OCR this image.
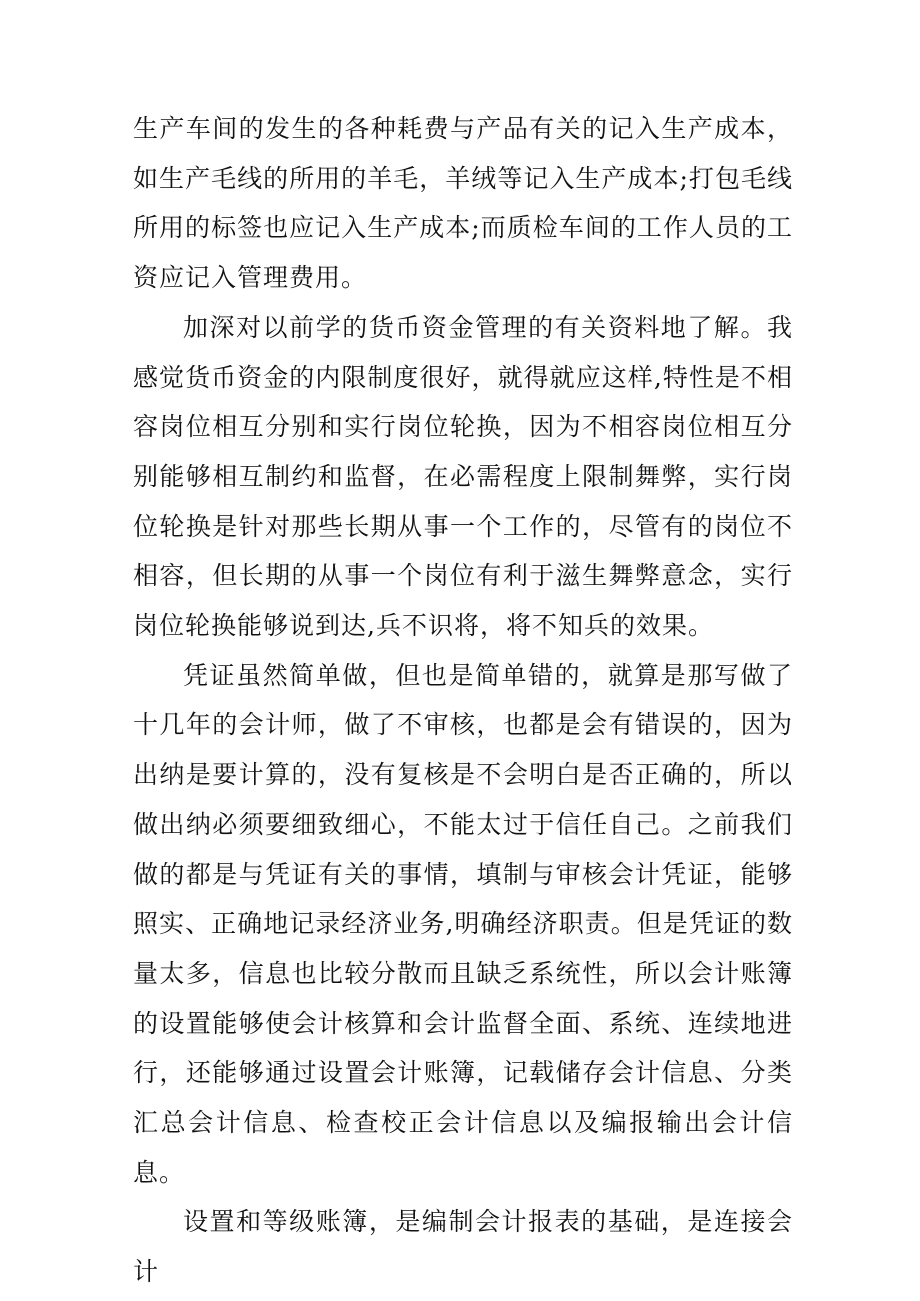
生产车间的发生的各种耗费与产品有关的记入生产成本，如生产毛线的所用的羊毛，羊绒等记入生产成本;打包毛线所用的标签也应记入生产成本;而质检车间的工作人员的工资应记入管理费用。

加深对以前学的货币资金管理的有关资料地了解。我感觉货币资金的内限制度很好，就得就应这样,特性是不相容岗位相互分别和实行岗位轮换，因为不相容岗位相互分别能够相互制约和监督，在必需程度上限制舞弊，实行岗位轮换是针对那些长期从事一个工作的，尽管有的岗位不相容，但长期的从事一个岗位有利于滋生舞弊意念，实行岗位轮换能够说到达,兵不识将，将不知兵的效果。

凭证虽然简单做，但也是简单错的，就算是那写做了十几年的会计师，做了不审核，也都是会有错误的，因为出纳是要计算的，没有复核是不会明白是否正确的，所以做出纳必须要细致细心，不能太过于信任自己。之前我们做的都是与凭证有关的事情，填制与审核会计凭证，能够照实、正确地记录经济业务,明确经济职责。但是凭证的数量太多，信息也比较分散而且缺乏系统性，所以会计账簿的设置能够使会计核算和会计监督全面、系统、连续地进行，还能够通过设置会计账簿，记载储存会计信息、分类汇总会计信息、检查校正会计信息以及编报输出会计信息。

设置和等级账簿，是编制会计报表的基础，是连接会计
